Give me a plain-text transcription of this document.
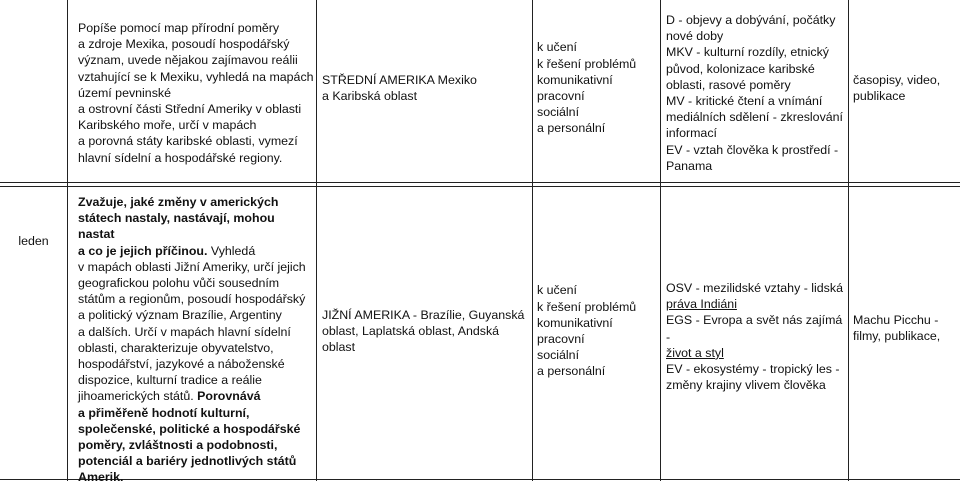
Popíše pomocí map přírodní poměry

a zdroje Mexika, posoudí hospodářský

význam, uvede nějakou zajímavou reálii

vztahující se k Mexiku, vyhledá na mapách

území pevninské

a ostrovní části Střední Ameriky v oblasti

Karibského moře, určí v mapách

a porovná státy karibské oblasti, vymezí

hlavní sídelní a hospodářské regiony.

STŘEDNÍ AMERIKA Mexiko

a Karibská oblast

k učení

k řešení problémů

komunikativní

pracovní

sociální

a personální

D - objevy a dobývání, počátky

nové doby

MKV - kulturní rozdíly, etnický

původ, kolonizace karibské

oblasti, rasové poměry

MV - kritické čtení a vnímání

mediálních sdělení - zkreslování

informací

EV - vztah člověka k prostředí -

Panama

časopisy, video,

publikace

leden

Zvažuje, jaké změny v amerických

státech nastaly, nastávají, mohou nastat

a co je jejich příčinou. Vyhledá

v mapách oblasti Jižní Ameriky, určí jejich

geografickou polohu vůči sousedním

státům a regionům, posoudí hospodářský

a politický význam Brazílie, Argentiny

a dalších. Určí v mapách hlavní sídelní

oblasti, charakterizuje obyvatelstvo,

hospodářství, jazykové a náboženské

dispozice, kulturní tradice a reálie

jihoamerických států. Porovnává

a přiměřeně hodnotí kulturní,

společenské, politické a hospodářské

poměry, zvláštnosti a podobnosti,

potenciál a bariéry jednotlivých států

Amerik.

JIŽNÍ AMERIKA - Brazílie, Guyanská

oblast, Laplatská oblast, Andská oblast

k učení

k řešení problémů

komunikativní

pracovní

sociální

a personální

OSV - mezilidské vztahy - lidská

práva Indiáni

EGS - Evropa a svět nás zajímá -

život a styl

EV - ekosystémy - tropický les -

změny krajiny vlivem člověka

Machu Picchu -

filmy, publikace,
